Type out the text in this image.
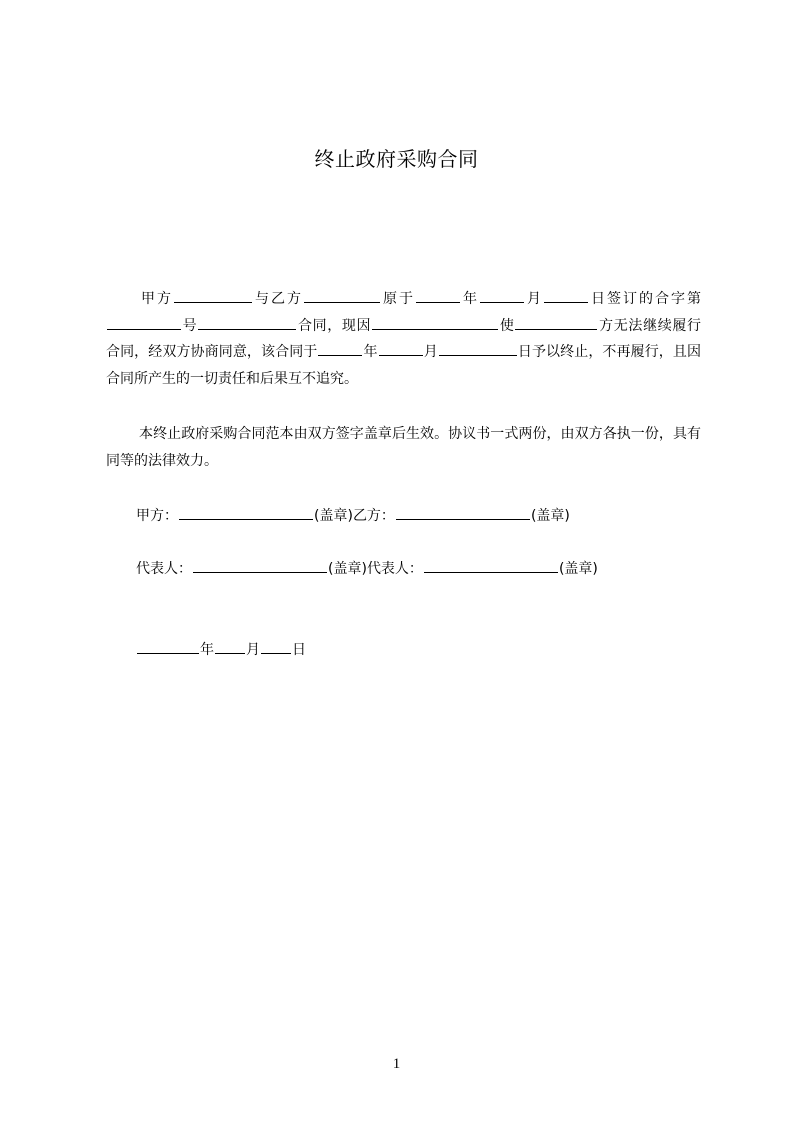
终止政府采购合同
甲方	与乙方	原于	年	月	日签订的合字第号	合同，现因	使	方无法继续履行合同，经双方协商同意，该合同于	年	月	日予以终止，不再履行，且因合同所产生的一切责任和后果互不追究。
本终止政府采购合同范本由双方签字盖章后生效。协议书一式两份，由双方各执一份，具有同等的法律效力。
甲方：	(盖章)乙方：	(盖章)
代表人：	(盖章)代表人：	(盖章)
年 月 日
1
